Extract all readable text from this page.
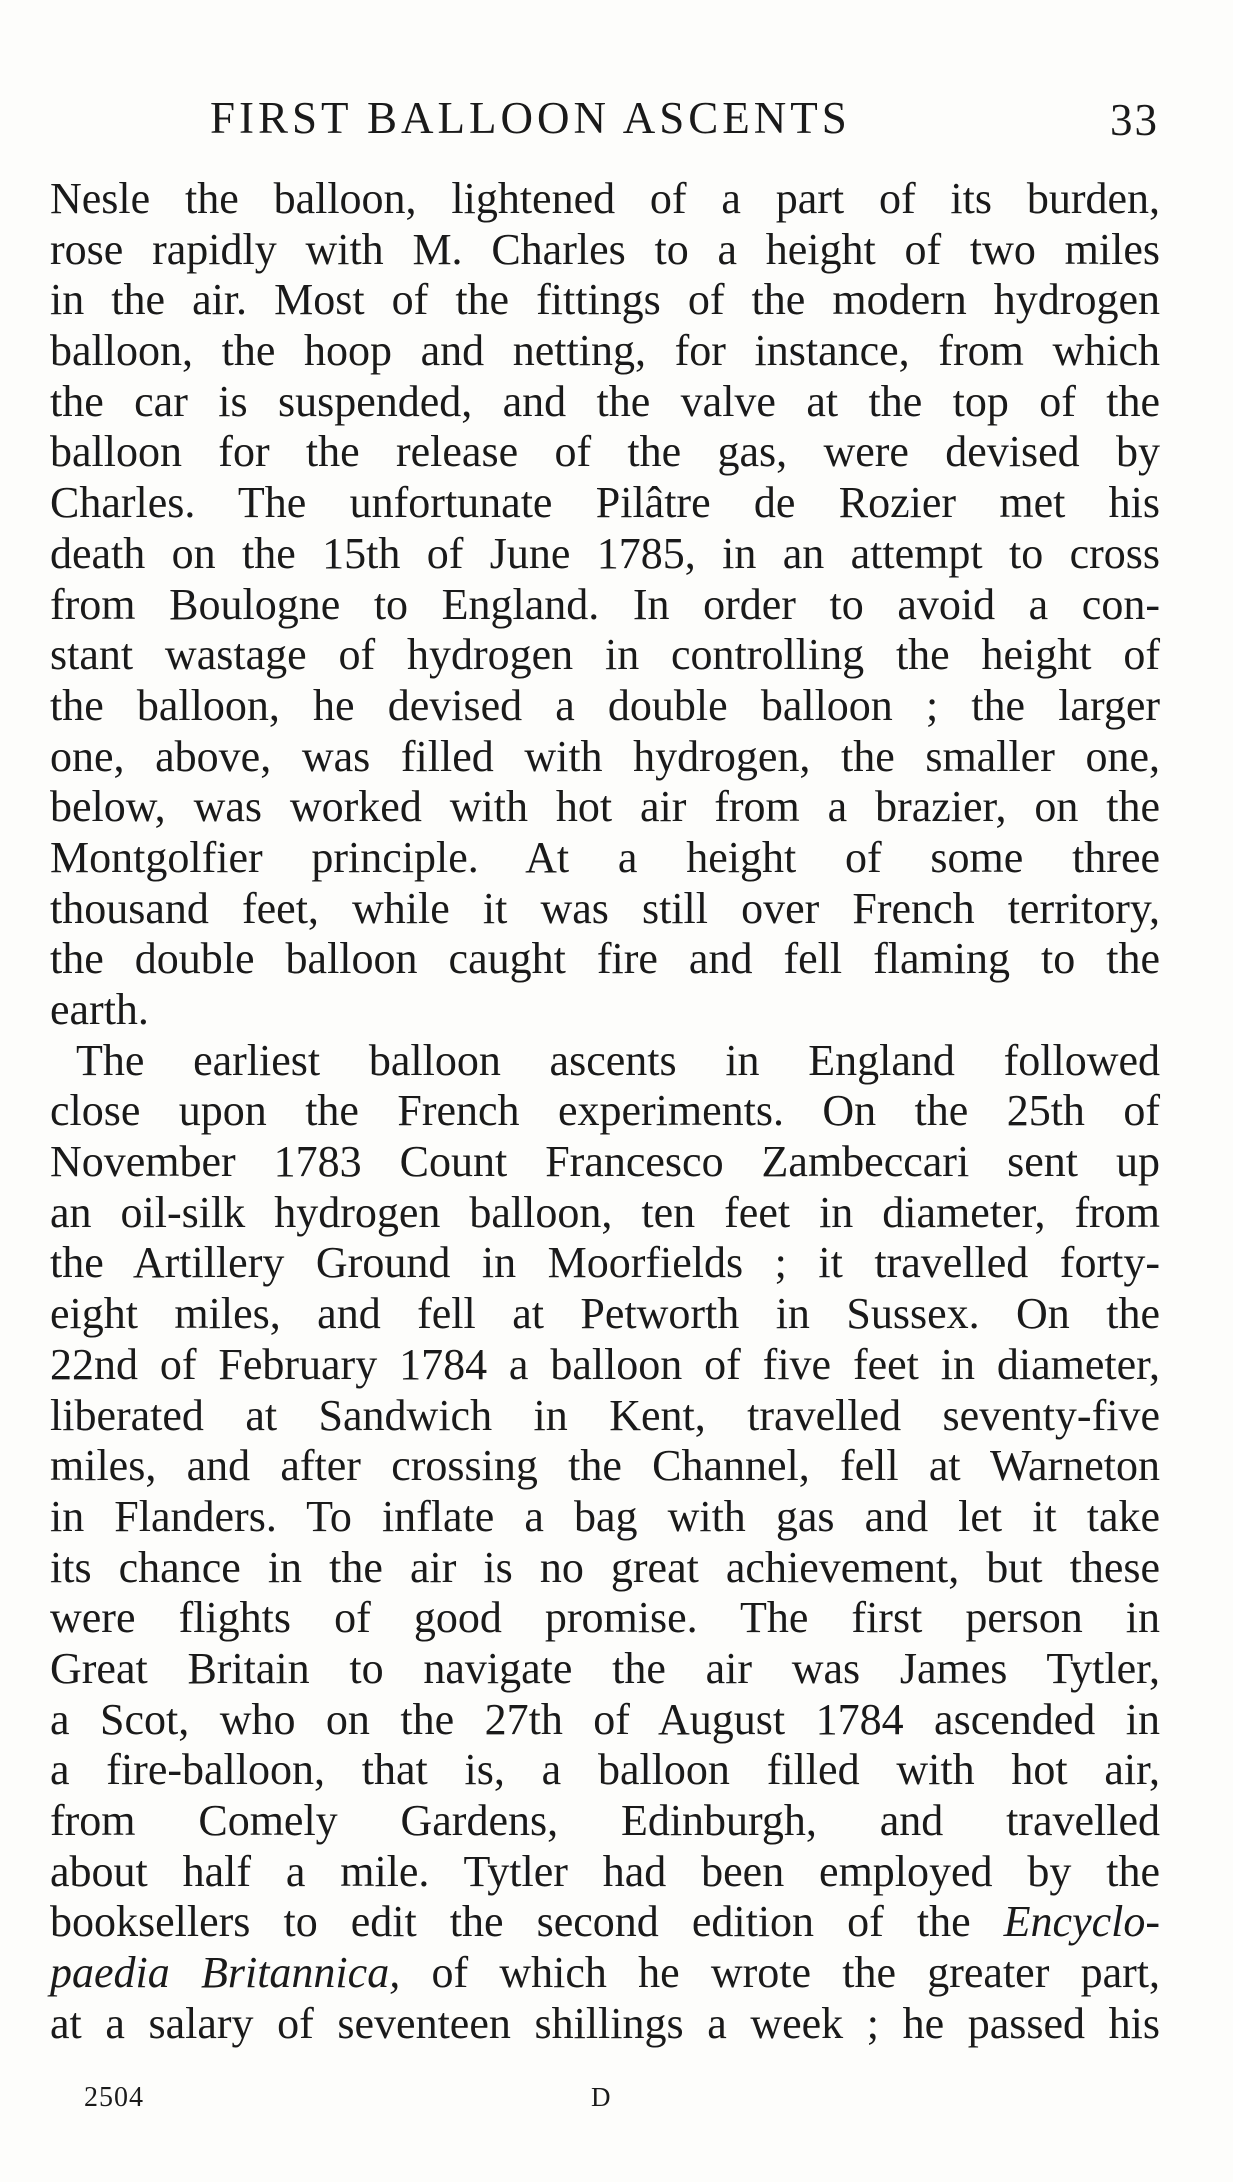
FIRST BALLOON ASCENTS	33
Nesle the balloon, lightened of a part of its burden,
rose rapidly with M. Charles to a height of two miles
in the air. Most of the fittings of the modern hydrogen
balloon, the hoop and netting, for instance, from which
the car is suspended, and the valve at the top of the
balloon for the release of the gas, were devised by
Charles. The unfortunate Pilâtre de Rozier met his
death on the 15th of June 1785, in an attempt to cross
from Boulogne to England. In order to avoid a con-
stant wastage of hydrogen in controlling the height of
the balloon, he devised a double balloon ; the larger
one, above, was filled with hydrogen, the smaller one,
below, was worked with hot air from a brazier, on the
Montgolfier principle. At a height of some three
thousand feet, while it was still over French territory,
the double balloon caught fire and fell flaming to the
earth.
The earliest balloon ascents in England followed
close upon the French experiments. On the 25th of
November 1783 Count Francesco Zambeccari sent up
an oil-silk hydrogen balloon, ten feet in diameter, from
the Artillery Ground in Moorfields ; it travelled forty-
eight miles, and fell at Petworth in Sussex. On the
22nd of February 1784 a balloon of five feet in diameter,
liberated at Sandwich in Kent, travelled seventy-five
miles, and after crossing the Channel, fell at Warneton
in Flanders. To inflate a bag with gas and let it take
its chance in the air is no great achievement, but these
were flights of good promise. The first person in
Great Britain to navigate the air was James Tytler,
a Scot, who on the 27th of August 1784 ascended in
a fire-balloon, that is, a balloon filled with hot air,
from Comely Gardens, Edinburgh, and travelled
about half a mile. Tytler had been employed by the
booksellers to edit the second edition of the Encyclo-
paedia Britannica, of which he wrote the greater part,
at a salary of seventeen shillings a week ; he passed his
2504	D
